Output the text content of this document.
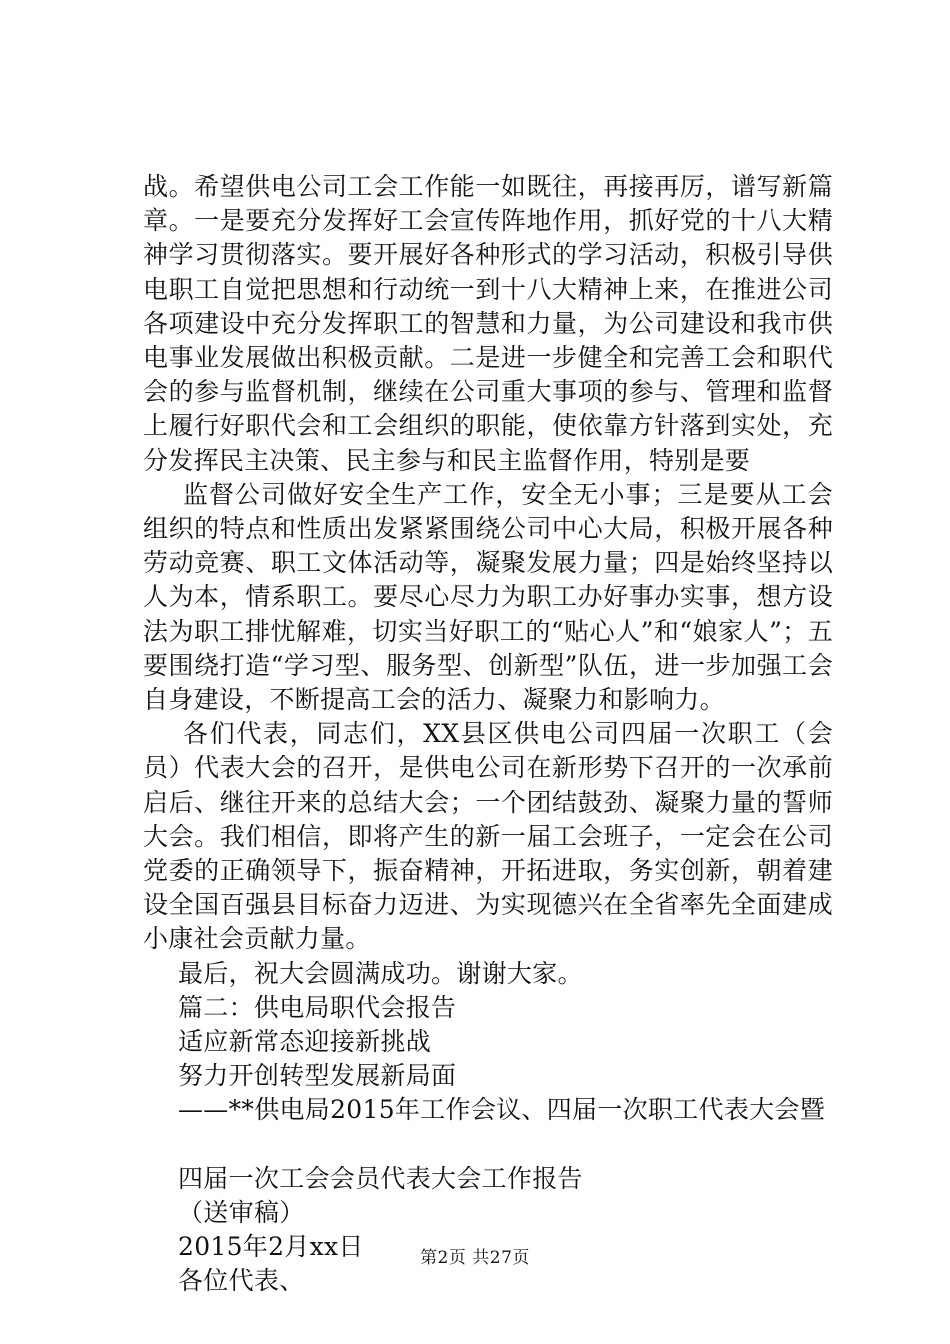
战。希望供电公司工会工作能一如既往，再接再厉，谱写新篇章。一是要充分发挥好工会宣传阵地作用，抓好党的十八大精神学习贯彻落实。要开展好各种形式的学习活动，积极引导供电职工自觉把思想和行动统一到十八大精神上来，在推进公司各项建设中充分发挥职工的智慧和力量，为公司建设和我市供电事业发展做出积极贡献。二是进一步健全和完善工会和职代会的参与监督机制，继续在公司重大事项的参与、管理和监督上履行好职代会和工会组织的职能，使依靠方针落到实处，充分发挥民主决策、民主参与和民主监督作用，特别是要

监督公司做好安全生产工作，安全无小事；三是要从工会组织的特点和性质出发紧紧围绕公司中心大局，积极开展各种劳动竞赛、职工文体活动等，凝聚发展力量；四是始终坚持以人为本，情系职工。要尽心尽力为职工办好事办实事，想方设法为职工排忧解难，切实当好职工的“贴心人”和“娘家人”；五要围绕打造“学习型、服务型、创新型”队伍，进一步加强工会自身建设，不断提高工会的活力、凝聚力和影响力。

各们代表，同志们，XX县区供电公司四届一次职工（会员）代表大会的召开，是供电公司在新形势下召开的一次承前启后、继往开来的总结大会；一个团结鼓劲、凝聚力量的誓师大会。我们相信，即将产生的新一届工会班子，一定会在公司党委的正确领导下，振奋精神，开拓进取，务实创新，朝着建设全国百强县目标奋力迈进、为实现德兴在全省率先全面建成小康社会贡献力量。

最后，祝大会圆满成功。谢谢大家。

篇二：供电局职代会报告

适应新常态迎接新挑战

努力开创转型发展新局面

——**供电局2015年工作会议、四届一次职工代表大会暨

四届一次工会会员代表大会工作报告

（送审稿）

2015年2月xx日

各位代表、

第2页 共27页
